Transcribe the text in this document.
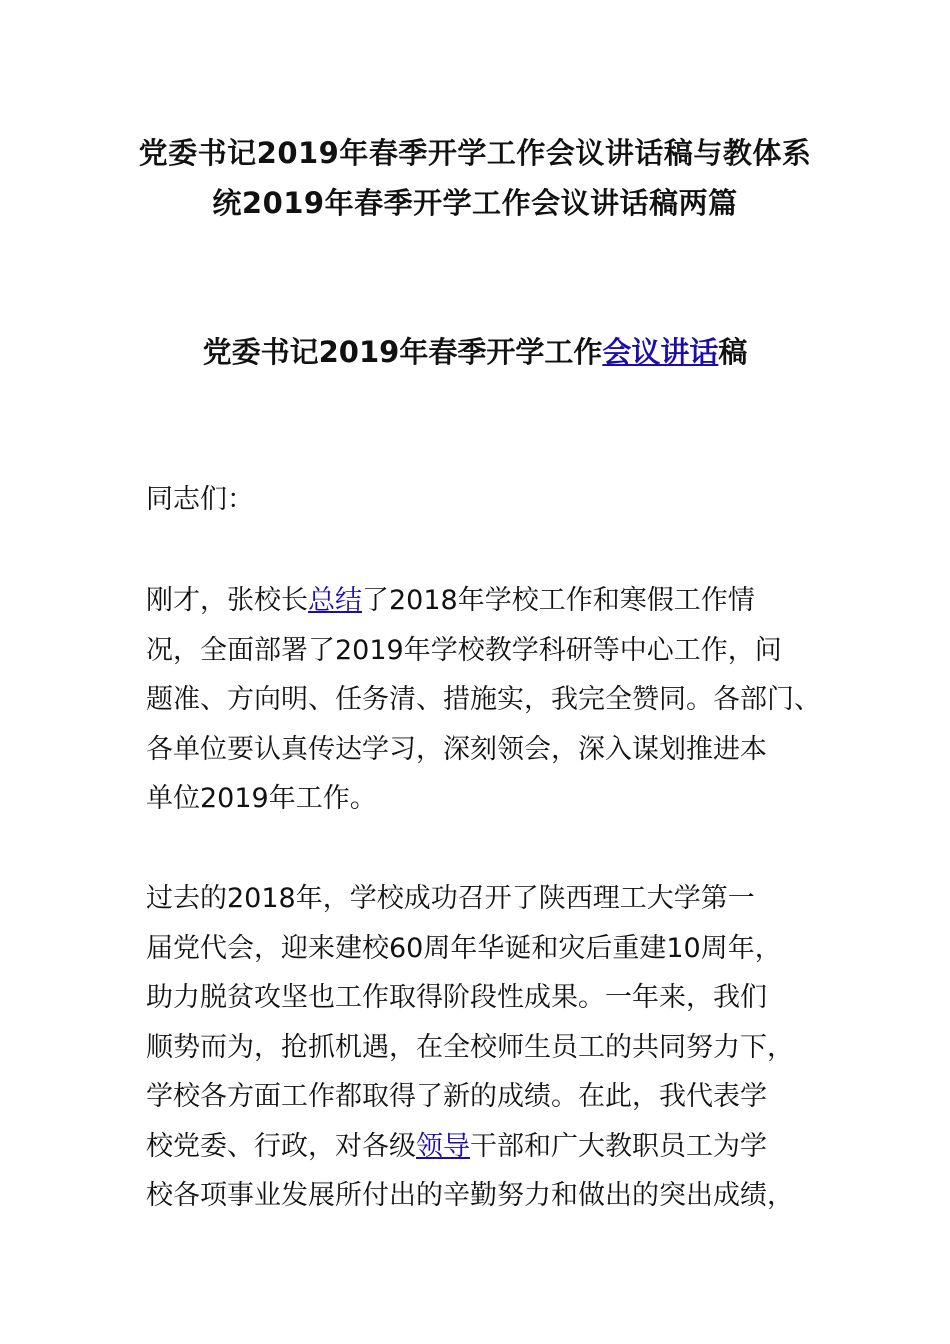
党委书记2019年春季开学工作会议讲话稿与教体系
统2019年春季开学工作会议讲话稿两篇
党委书记2019年春季开学工作会议讲话稿
同志们：
刚才，张校长总结了2018年学校工作和寒假工作情
况，全面部署了2019年学校教学科研等中心工作，问
题准、方向明、任务清、措施实，我完全赞同。各部门、
各单位要认真传达学习，深刻领会，深入谋划推进本
单位2019年工作。
过去的2018年，学校成功召开了陕西理工大学第一
届党代会，迎来建校60周年华诞和灾后重建10周年，
助力脱贫攻坚也工作取得阶段性成果。一年来，我们
顺势而为，抢抓机遇，在全校师生员工的共同努力下，
学校各方面工作都取得了新的成绩。在此，我代表学
校党委、行政，对各级领导干部和广大教职员工为学
校各项事业发展所付出的辛勤努力和做出的突出成绩，
